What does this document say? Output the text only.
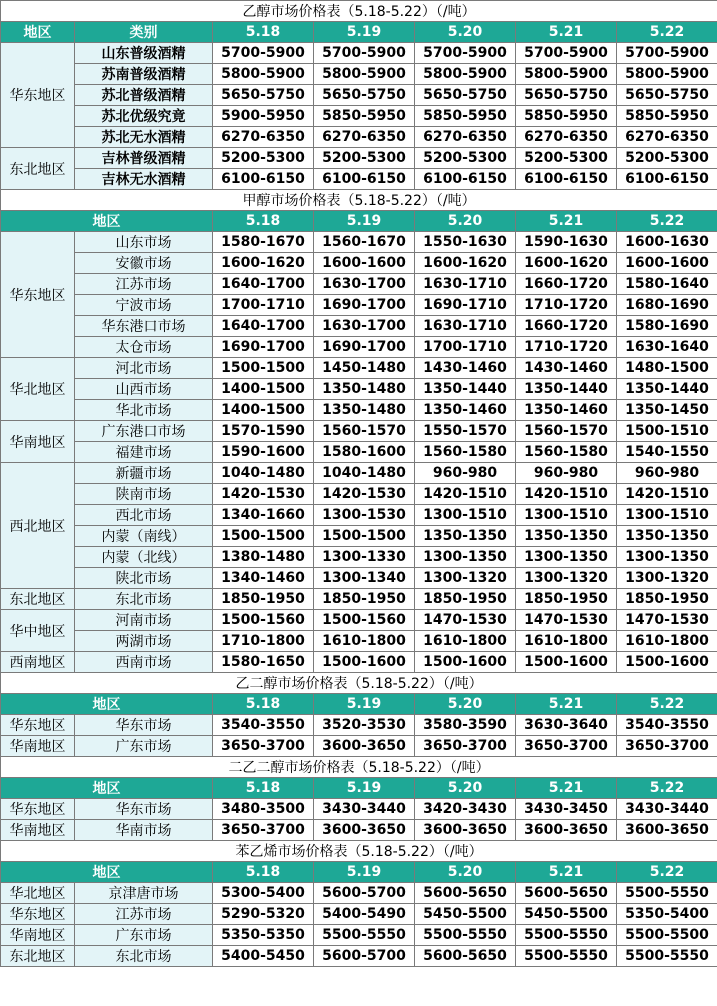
乙醇市场价格表（5.18-5.22）（/吨）						
地区	类别	5.18	5.19	5.20	5.21	5.22
华东地区	山东普级酒精	5700-5900	5700-5900	5700-5900	5700-5900	5700-5900
	苏南普级酒精	5800-5900	5800-5900	5800-5900	5800-5900	5800-5900
	苏北普级酒精	5650-5750	5650-5750	5650-5750	5650-5750	5650-5750
	苏北优级究竟	5900-5950	5850-5950	5850-5950	5850-5950	5850-5950
	苏北无水酒精	6270-6350	6270-6350	6270-6350	6270-6350	6270-6350
东北地区	吉林普级酒精	5200-5300	5200-5300	5200-5300	5200-5300	5200-5300
	吉林无水酒精	6100-6150	6100-6150	6100-6150	6100-6150	6100-6150
甲醇市场价格表（5.18-5.22）（/吨）						
地区		5.18	5.19	5.20	5.21	5.22
华东地区	山东市场	1580-1670	1560-1670	1550-1630	1590-1630	1600-1630
	安徽市场	1600-1620	1600-1600	1600-1620	1600-1620	1600-1600
	江苏市场	1640-1700	1630-1700	1630-1710	1660-1720	1580-1640
	宁波市场	1700-1710	1690-1700	1690-1710	1710-1720	1680-1690
	华东港口市场	1640-1700	1630-1700	1630-1710	1660-1720	1580-1690
	太仓市场	1690-1700	1690-1700	1700-1710	1710-1720	1630-1640
华北地区	河北市场	1500-1500	1450-1480	1430-1460	1430-1460	1480-1500
	山西市场	1400-1500	1350-1480	1350-1440	1350-1440	1350-1440
	华北市场	1400-1500	1350-1480	1350-1460	1350-1460	1350-1450
华南地区	广东港口市场	1570-1590	1560-1570	1550-1570	1560-1570	1500-1510
	福建市场	1590-1600	1580-1600	1560-1580	1560-1580	1540-1550
西北地区	新疆市场	1040-1480	1040-1480	960-980	960-980	960-980
	陕南市场	1420-1530	1420-1530	1420-1510	1420-1510	1420-1510
	西北市场	1340-1660	1300-1530	1300-1510	1300-1510	1300-1510
	内蒙（南线）	1500-1500	1500-1500	1350-1350	1350-1350	1350-1350
	内蒙（北线）	1380-1480	1300-1330	1300-1350	1300-1350	1300-1350
	陕北市场	1340-1460	1300-1340	1300-1320	1300-1320	1300-1320
东北地区	东北市场	1850-1950	1850-1950	1850-1950	1850-1950	1850-1950
华中地区	河南市场	1500-1560	1500-1560	1470-1530	1470-1530	1470-1530
	两湖市场	1710-1800	1610-1800	1610-1800	1610-1800	1610-1800
西南地区	西南市场	1580-1650	1500-1600	1500-1600	1500-1600	1500-1600
乙二醇市场价格表（5.18-5.22）（/吨）						
地区		5.18	5.19	5.20	5.21	5.22
华东地区	华东市场	3540-3550	3520-3530	3580-3590	3630-3640	3540-3550
华南地区	广东市场	3650-3700	3600-3650	3650-3700	3650-3700	3650-3700
二乙二醇市场价格表（5.18-5.22）（/吨）						
地区		5.18	5.19	5.20	5.21	5.22
华东地区	华东市场	3480-3500	3430-3440	3420-3430	3430-3450	3430-3440
华南地区	华南市场	3650-3700	3600-3650	3600-3650	3600-3650	3600-3650
苯乙烯市场价格表（5.18-5.22）（/吨）						
地区		5.18	5.19	5.20	5.21	5.22
华北地区	京津唐市场	5300-5400	5600-5700	5600-5650	5600-5650	5500-5550
华东地区	江苏市场	5290-5320	5400-5490	5450-5500	5450-5500	5350-5400
华南地区	广东市场	5350-5350	5500-5550	5500-5550	5500-5550	5500-5500
东北地区	东北市场	5400-5450	5600-5700	5600-5650	5500-5550	5500-5550
